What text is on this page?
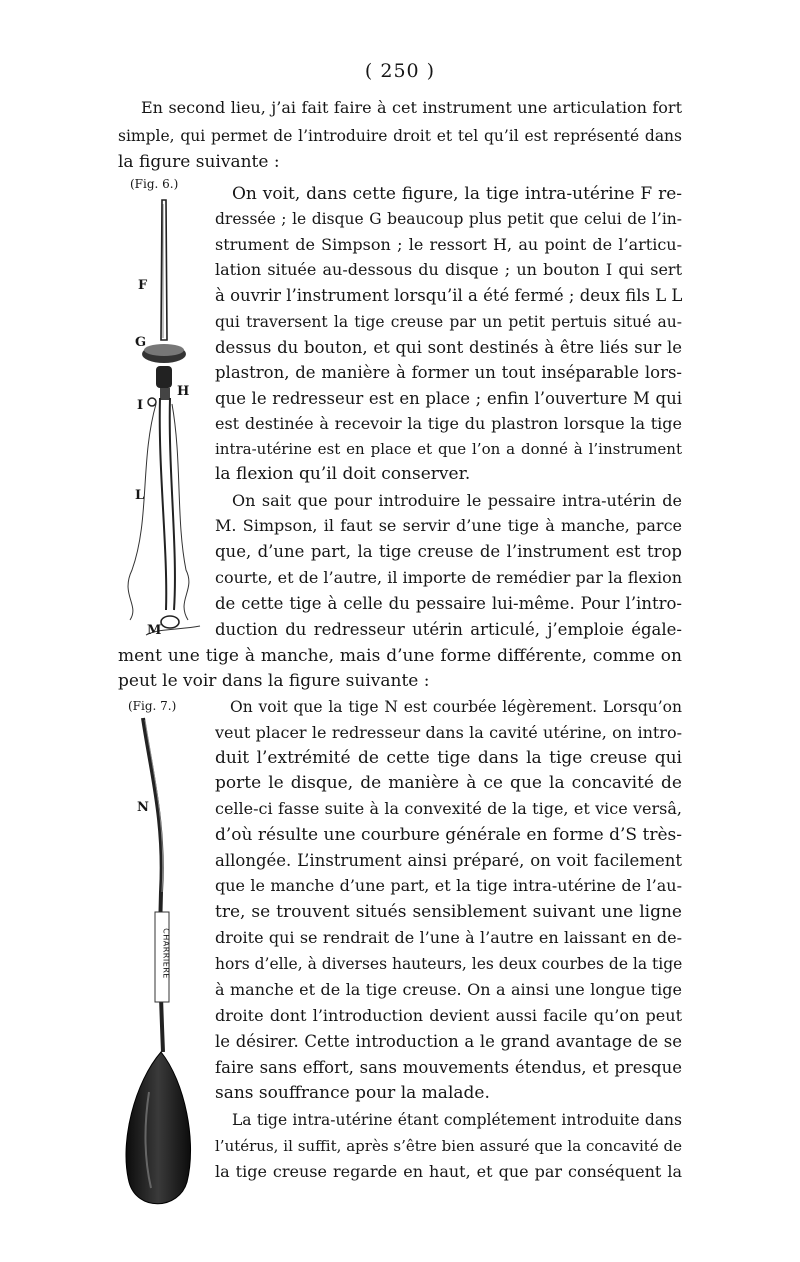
( 250 )
(Fig. 6.)
F
G
H
I
L
M
(Fig. 7.)
N
CHARRIERE
En second lieu, j’ai fait faire à cet instrument une articulation fort
simple, qui permet de l’introduire droit et tel qu’il est représenté dans
la figure suivante :
On voit, dans cette figure, la tige intra-utérine F re-
dressée ; le disque G beaucoup plus petit que celui de l’in-
strument de Simpson ; le ressort H, au point de l’articu-
lation située au-dessous du disque ; un bouton I qui sert
à ouvrir l’instrument lorsqu’il a été fermé ; deux fils L L
qui traversent la tige creuse par un petit pertuis situé au-
dessus du bouton, et qui sont destinés à être liés sur le
plastron, de manière à former un tout inséparable lors-
que le redresseur est en place ; enfin l’ouverture M qui
est destinée à recevoir la tige du plastron lorsque la tige
intra-utérine est en place et que l’on a donné à l’instrument
la flexion qu’il doit conserver.
On sait que pour introduire le pessaire intra-utérin de
M. Simpson, il faut se servir d’une tige à manche, parce
que, d’une part, la tige creuse de l’instrument est trop
courte, et de l’autre, il importe de remédier par la flexion
de cette tige à celle du pessaire lui-même. Pour l’intro-
duction du redresseur utérin articulé, j’emploie égale-
ment une tige à manche, mais d’une forme différente, comme on
peut le voir dans la figure suivante :
On voit que la tige N est courbée légèrement. Lorsqu’on
veut placer le redresseur dans la cavité utérine, on intro-
duit l’extrémité de cette tige dans la tige creuse qui
porte le disque, de manière à ce que la concavité de
celle-ci fasse suite à la convexité de la tige, et vice versâ,
d’où résulte une courbure générale en forme d’S très-
allongée. L’instrument ainsi préparé, on voit facilement
que le manche d’une part, et la tige intra-utérine de l’au-
tre, se trouvent situés sensiblement suivant une ligne
droite qui se rendrait de l’une à l’autre en laissant en de-
hors d’elle, à diverses hauteurs, les deux courbes de la tige
à manche et de la tige creuse. On a ainsi une longue tige
droite dont l’introduction devient aussi facile qu’on peut
le désirer. Cette introduction a le grand avantage de se
faire sans effort, sans mouvements étendus, et presque
sans souffrance pour la malade.
La tige intra-utérine étant complétement introduite dans
l’utérus, il suffit, après s’être bien assuré que la concavité de
la tige creuse regarde en haut, et que par conséquent la
